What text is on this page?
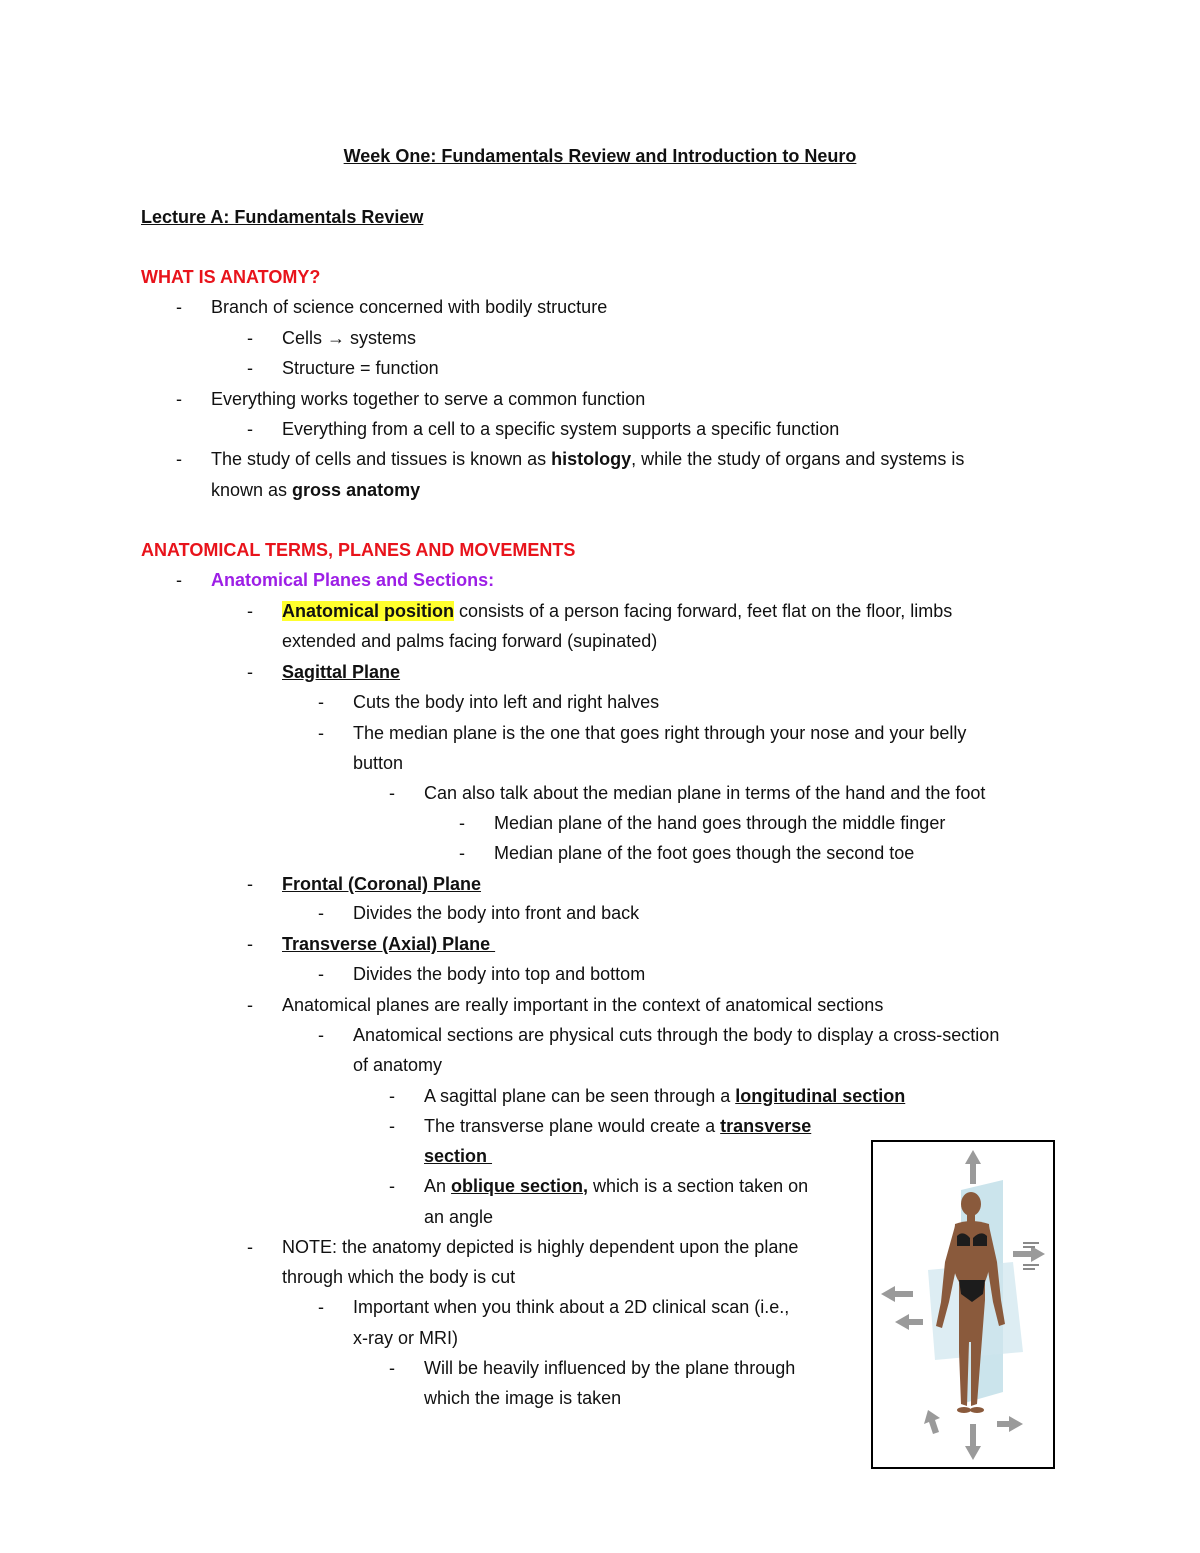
Week One: Fundamentals Review and Introduction to Neuro
Lecture A: Fundamentals Review
WHAT IS ANATOMY?
- Branch of science concerned with bodily structure
- Cells → systems
- Structure = function
- Everything works together to serve a common function
- Everything from a cell to a specific system supports a specific function
- The study of cells and tissues is known as histology, while the study of organs and systems is
known as gross anatomy
ANATOMICAL TERMS, PLANES AND MOVEMENTS
- Anatomical Planes and Sections:
- Anatomical position consists of a person facing forward, feet flat on the floor, limbs
extended and palms facing forward (supinated)
- Sagittal Plane
- Cuts the body into left and right halves
- The median plane is the one that goes right through your nose and your belly
button
- Can also talk about the median plane in terms of the hand and the foot
- Median plane of the hand goes through the middle finger
- Median plane of the foot goes though the second toe
- Frontal (Coronal) Plane
- Divides the body into front and back
- Transverse (Axial) Plane
- Divides the body into top and bottom
- Anatomical planes are really important in the context of anatomical sections
- Anatomical sections are physical cuts through the body to display a cross-section
of anatomy
- A sagittal plane can be seen through a longitudinal section
- The transverse plane would create a transverse
section
- An oblique section, which is a section taken on
an angle
- NOTE: the anatomy depicted is highly dependent upon the plane
through which the body is cut
- Important when you think about a 2D clinical scan (i.e.,
x-ray or MRI)
- Will be heavily influenced by the plane through
which the image is taken
